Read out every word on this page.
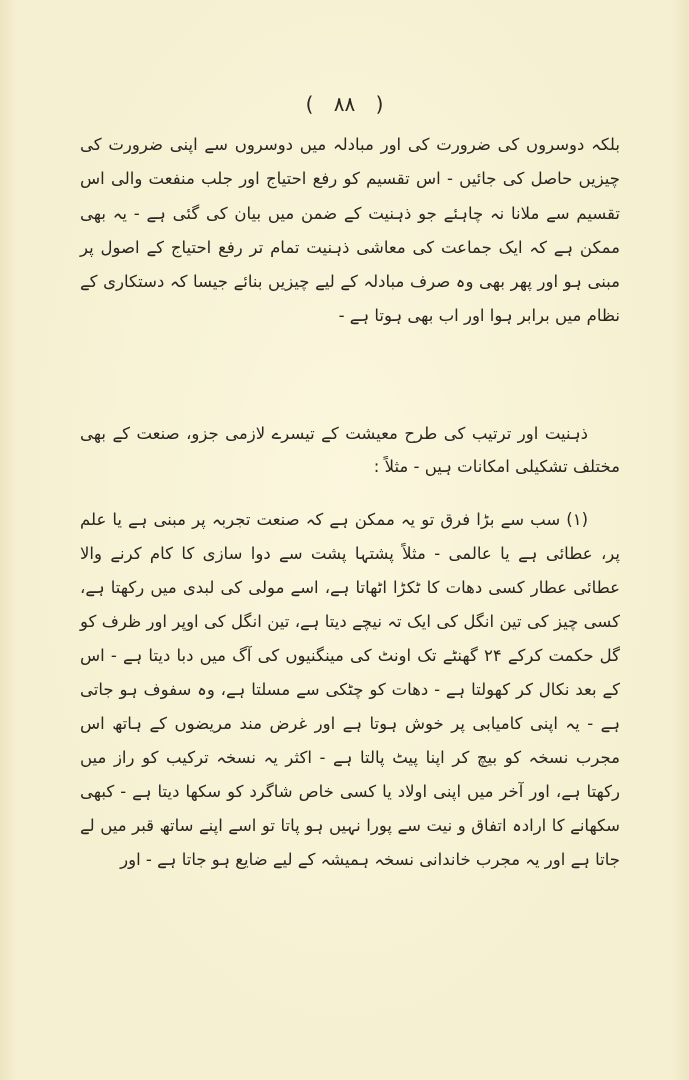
( ۸۸ )
بلکہ دوسروں کی ضرورت کی اور مبادلہ میں دوسروں سے اپنی ضرورت کی چیزیں حاصل کی جائیں - اس تقسیم کو رفع احتیاج اور جلب منفعت والی اس تقسیم سے ملانا نہ چاہئے جو ذہنیت کے ضمن میں بیان کی گئی ہے - یہ بھی ممکن ہے کہ ایک جماعت کی معاشی ذہنیت تمام تر رفع احتیاج کے اصول پر مبنی ہو اور پھر بھی وہ صرف مبادلہ کے لیے چیزیں بنائے جیسا کہ دستکاری کے نظام میں برابر ہوا اور اب بھی ہوتا ہے -
ذہنیت اور ترتیب کی طرح معیشت کے تیسرے لازمی جزو، صنعت کے بھی مختلف تشکیلی امکانات ہیں - مثلاً :
(۱) سب سے بڑا فرق تو یہ ممکن ہے کہ صنعت تجربہ پر مبنی ہے یا علم پر، عطائی ہے یا عالمی - مثلاً پشتہا پشت سے دوا سازی کا کام کرنے والا عطائی عطار کسی دھات کا ٹکڑا اٹھاتا ہے، اسے مولی کی لبدی میں رکھتا ہے، کسی چیز کی تین انگل کی ایک تہ نیچے دیتا ہے، تین انگل کی اوپر اور ظرف کو گل حکمت کرکے ۲۴ گھنٹے تک اونٹ کی مینگنیوں کی آگ میں دبا دیتا ہے - اس کے بعد نکال کر کھولتا ہے - دھات کو چٹکی سے مسلتا ہے، وہ سفوف ہو جاتی ہے - یہ اپنی کامیابی پر خوش ہوتا ہے اور غرض مند مریضوں کے ہاتھ اس مجرب نسخہ کو بیچ کر اپنا پیٹ پالتا ہے - اکثر یہ نسخہ ترکیب کو راز میں رکھتا ہے، اور آخر میں اپنی اولاد یا کسی خاص شاگرد کو سکھا دیتا ہے - کبھی سکھانے کا ارادہ اتفاق و نیت سے پورا نہیں ہو پاتا تو اسے اپنے ساتھ قبر میں لے جاتا ہے اور یہ مجرب خاندانی نسخہ ہمیشہ کے لیے ضایع ہو جاتا ہے - اور
